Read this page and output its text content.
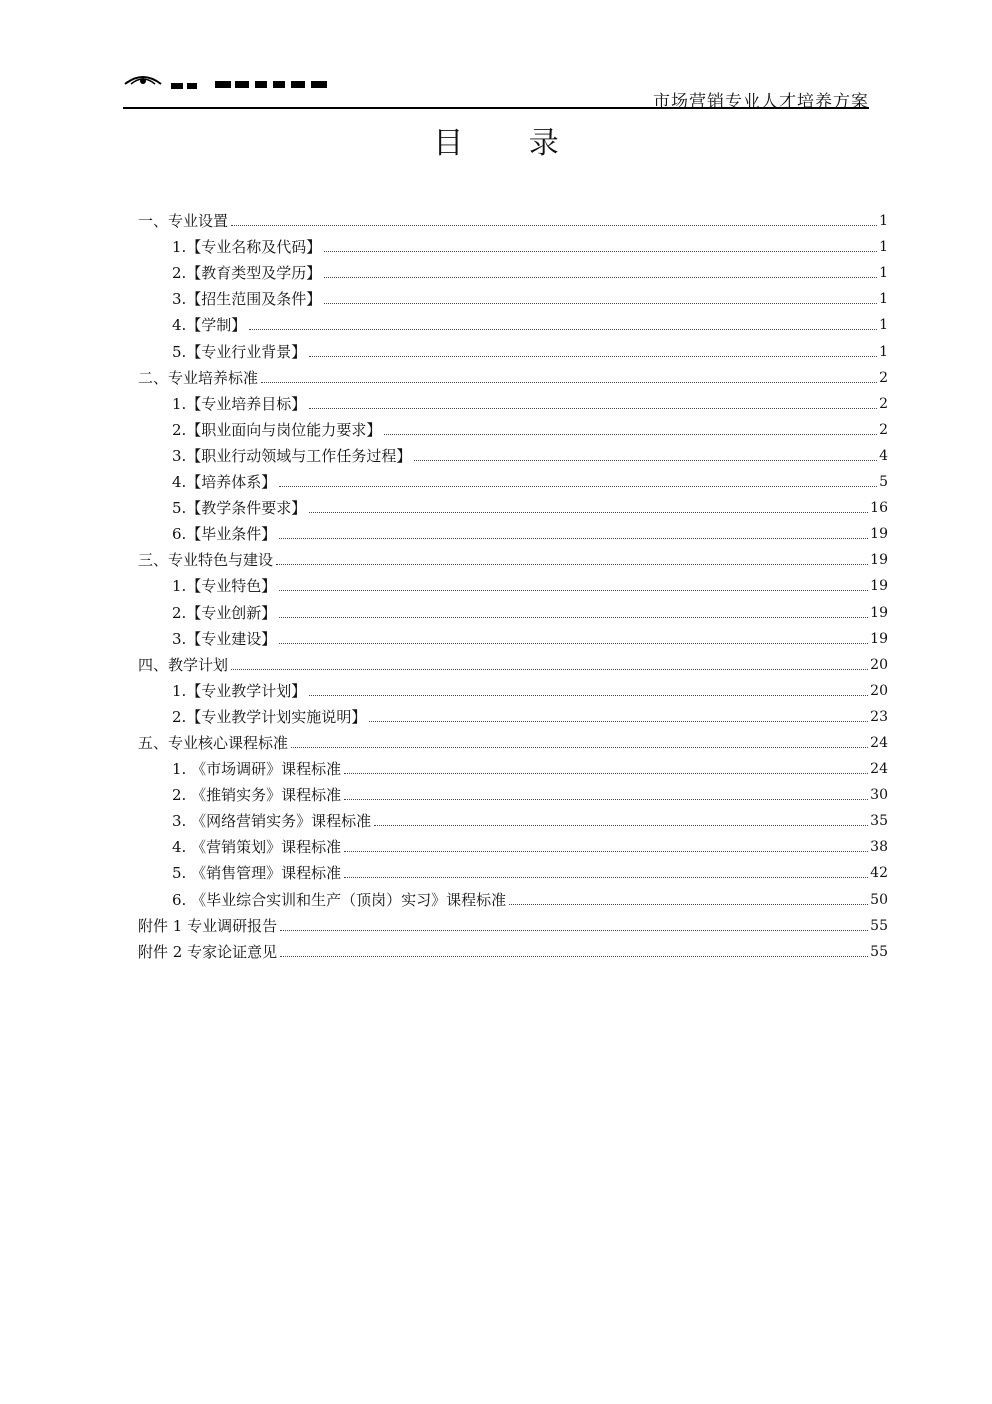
市场营销专业人才培养方案
目 录
一、专业设置	1
1.【专业名称及代码】	1
2.【教育类型及学历】	1
3.【招生范围及条件】	1
4.【学制】	1
5.【专业行业背景】	1
二、专业培养标准	2
1.【专业培养目标】	2
2.【职业面向与岗位能力要求】	2
3.【职业行动领域与工作任务过程】	4
4.【培养体系】	5
5.【教学条件要求】	16
6.【毕业条件】	19
三、专业特色与建设	19
1.【专业特色】	19
2.【专业创新】	19
3.【专业建设】	19
四、教学计划	20
1.【专业教学计划】	20
2.【专业教学计划实施说明】	23
五、专业核心课程标准	24
1. 《市场调研》课程标准	24
2. 《推销实务》课程标准	30
3. 《网络营销实务》课程标准	35
4. 《营销策划》课程标准	38
5. 《销售管理》课程标准	42
6. 《毕业综合实训和生产（顶岗）实习》课程标准	50
附件 1 专业调研报告	55
附件 2 专家论证意见	55
